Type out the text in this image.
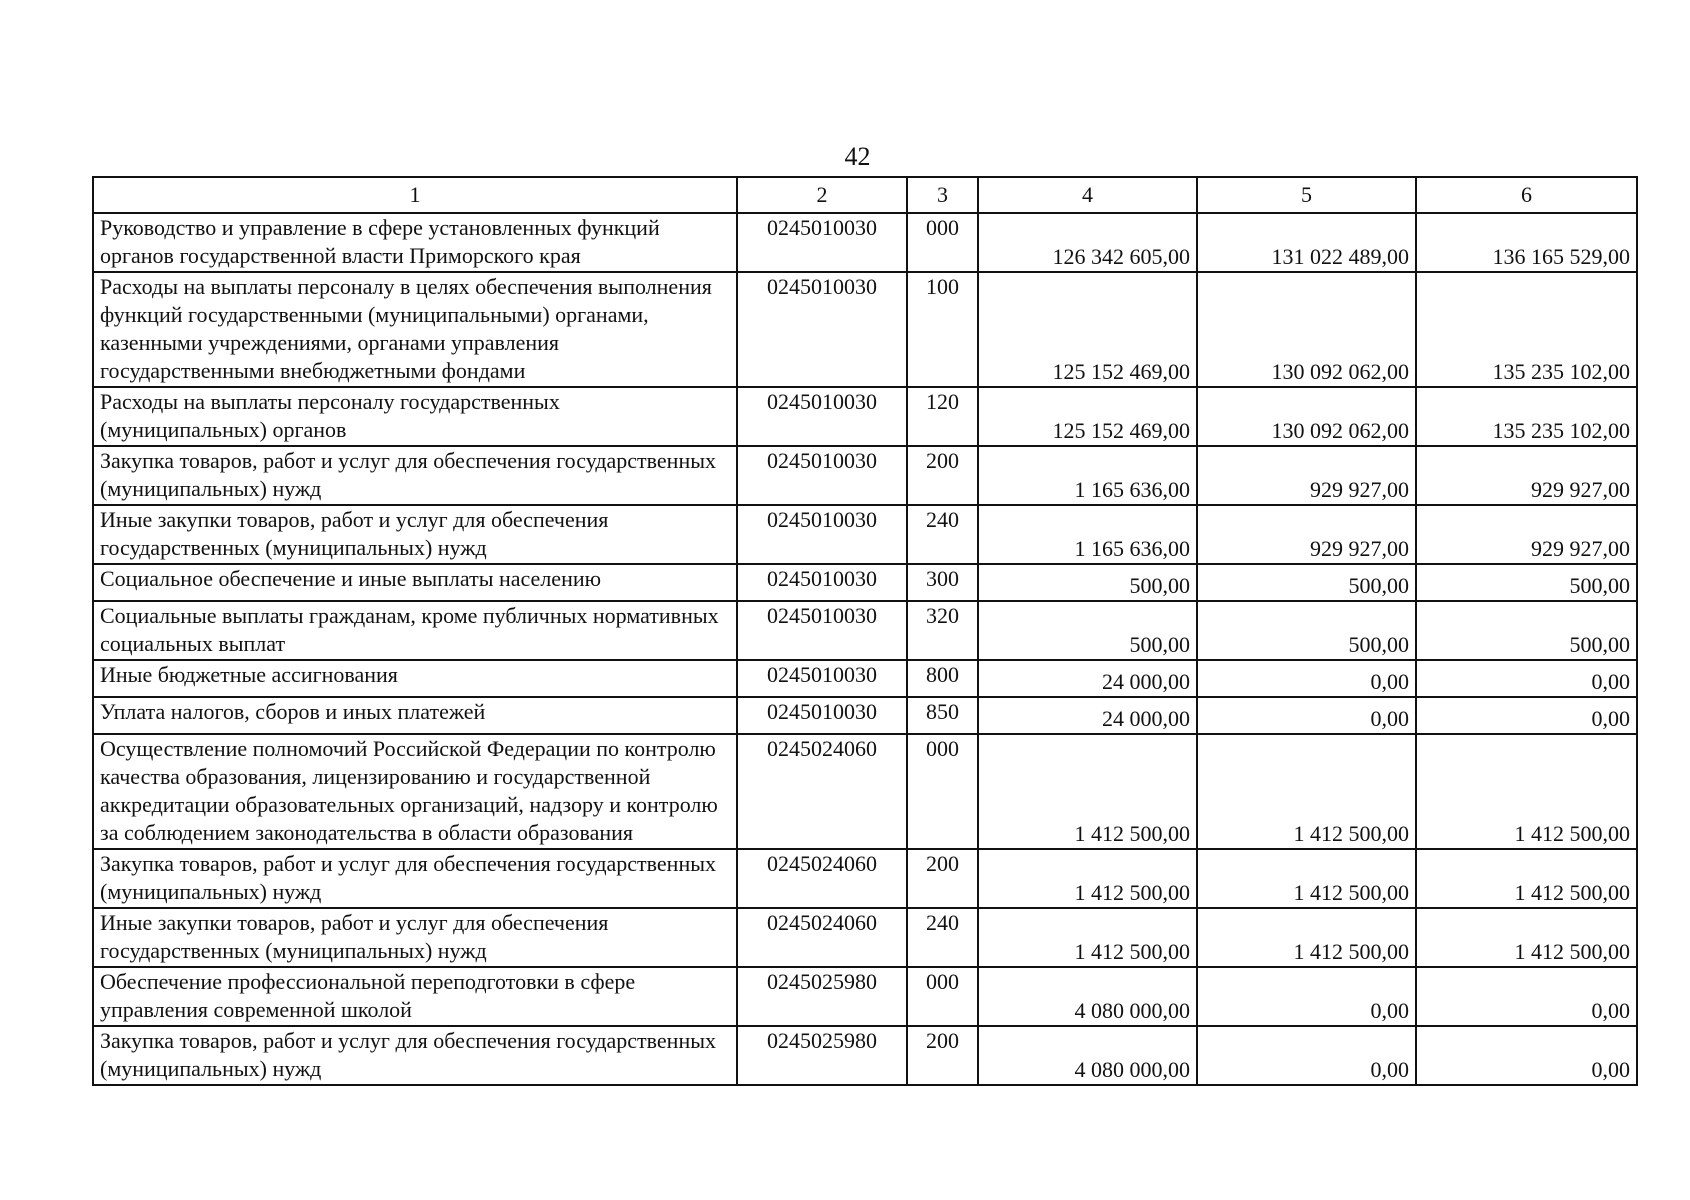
42
1	2	3	4	5	6
Руководство и управление в сфере установленных функций органов государственной власти Приморского края	0245010030	000	126 342 605,00	131 022 489,00	136 165 529,00
Расходы на выплаты персоналу в целях обеспечения выполнения функций государственными (муниципальными) органами, казенными учреждениями, органами управления государственными внебюджетными фондами	0245010030	100	125 152 469,00	130 092 062,00	135 235 102,00
Расходы на выплаты персоналу государственных (муниципальных) органов	0245010030	120	125 152 469,00	130 092 062,00	135 235 102,00
Закупка товаров, работ и услуг для обеспечения государственных (муниципальных) нужд	0245010030	200	1 165 636,00	929 927,00	929 927,00
Иные закупки товаров, работ и услуг для обеспечения государственных (муниципальных) нужд	0245010030	240	1 165 636,00	929 927,00	929 927,00
Социальное обеспечение и иные выплаты населению	0245010030	300	500,00	500,00	500,00
Социальные выплаты гражданам, кроме публичных нормативных социальных выплат	0245010030	320	500,00	500,00	500,00
Иные бюджетные ассигнования	0245010030	800	24 000,00	0,00	0,00
Уплата налогов, сборов и иных платежей	0245010030	850	24 000,00	0,00	0,00
Осуществление полномочий Российской Федерации по контролю качества образования, лицензированию и государственной аккредитации образовательных организаций, надзору и контролю за соблюдением законодательства в области образования	0245024060	000	1 412 500,00	1 412 500,00	1 412 500,00
Закупка товаров, работ и услуг для обеспечения государственных (муниципальных) нужд	0245024060	200	1 412 500,00	1 412 500,00	1 412 500,00
Иные закупки товаров, работ и услуг для обеспечения государственных (муниципальных) нужд	0245024060	240	1 412 500,00	1 412 500,00	1 412 500,00
Обеспечение профессиональной переподготовки в сфере управления современной школой	0245025980	000	4 080 000,00	0,00	0,00
Закупка товаров, работ и услуг для обеспечения государственных (муниципальных) нужд	0245025980	200	4 080 000,00	0,00	0,00
